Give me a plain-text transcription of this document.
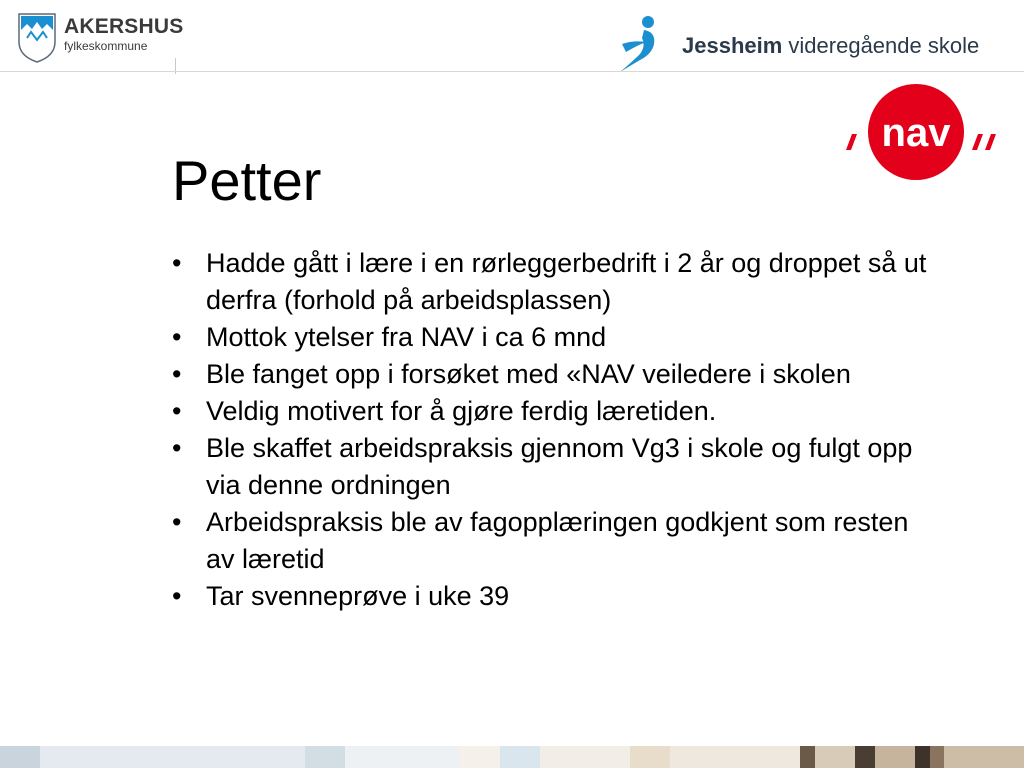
AKERSHUS
fylkeskommune	Jessheim videregående skole
nav
Petter
• Hadde gått i lære i en rørleggerbedrift i 2 år og droppet så ut derfra (forhold på arbeidsplassen)
• Mottok ytelser fra NAV i ca 6 mnd
• Ble fanget opp i forsøket med «NAV veiledere i skolen
• Veldig motivert for å gjøre ferdig læretiden.
• Ble skaffet arbeidspraksis gjennom Vg3 i skole og fulgt opp via denne ordningen
• Arbeidspraksis ble av fagopplæringen godkjent som resten av læretid
• Tar svenneprøve i uke 39
